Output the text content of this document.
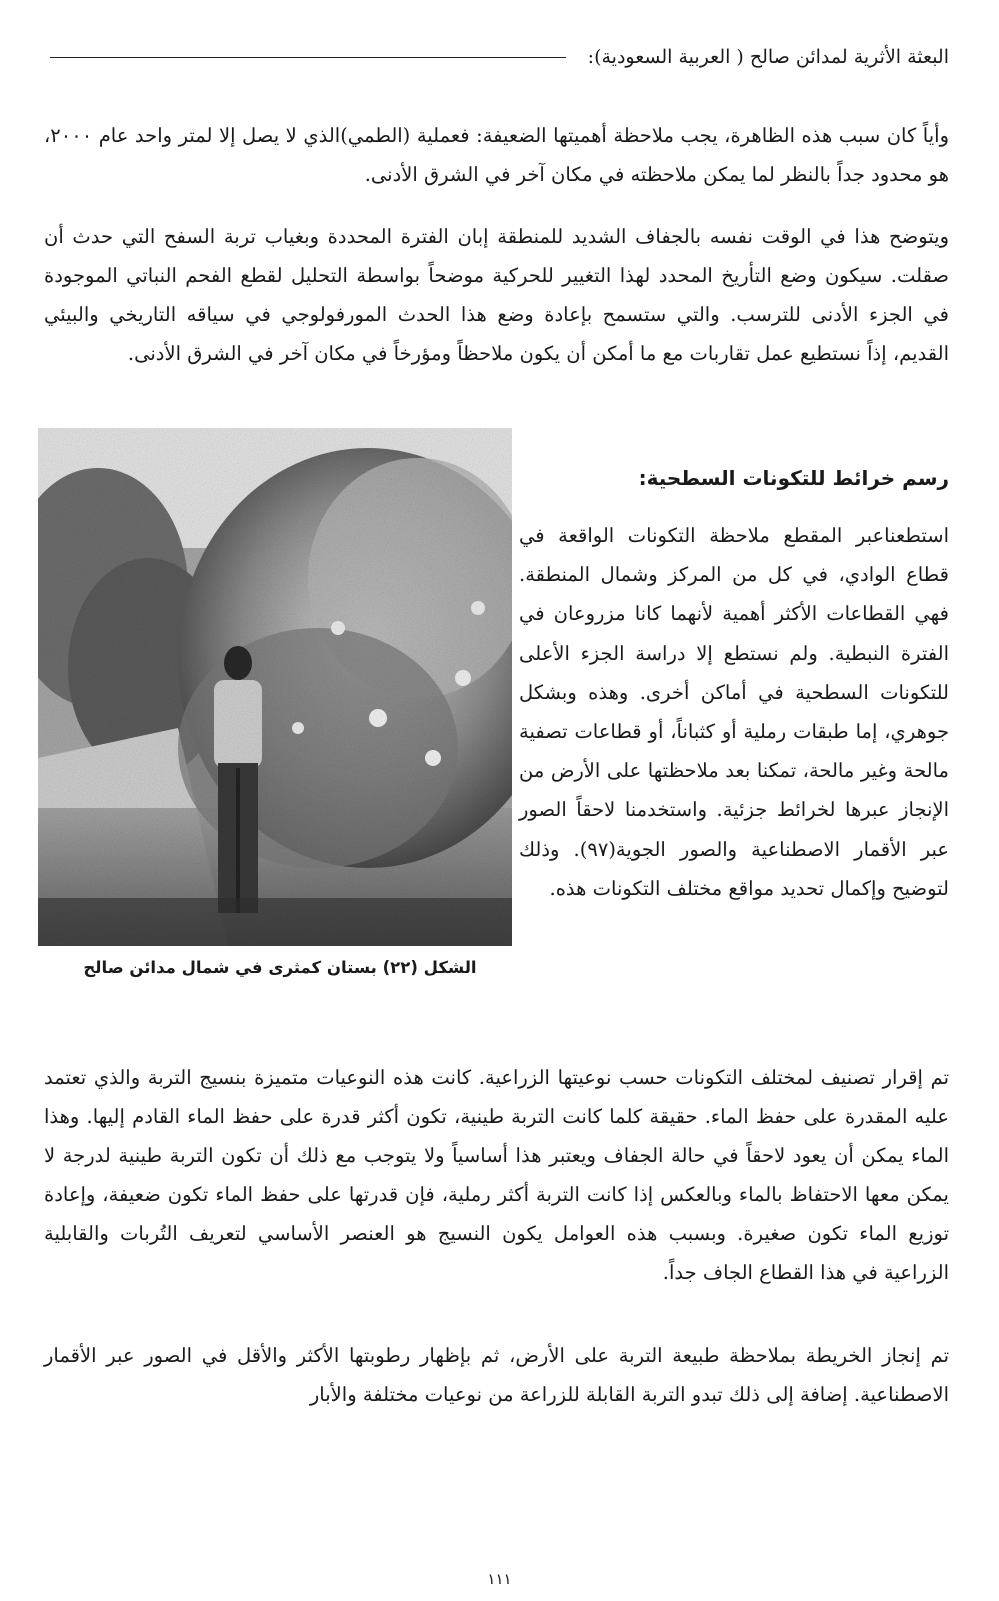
البعثة الأثرية لمدائن صالح ( العربية السعودية):

وأياً كان سبب هذه الظاهرة، يجب ملاحظة أهميتها الضعيفة: فعملية (الطمي)الذي لا يصل إلا لمتر واحد عام ٢٠٠٠، هو محدود جداً بالنظر لما يمكن ملاحظته في مكان آخر في الشرق الأدنى.

ويتوضح هذا في الوقت نفسه بالجفاف الشديد للمنطقة إبان الفترة المحددة وبغياب تربة السفح التي حدث أن صقلت. سيكون وضع التأريخ المحدد لهذا التغيير للحركية موضحاً بواسطة التحليل لقطع الفحم النباتي الموجودة في الجزء الأدنى للترسب. والتي ستسمح بإعادة وضع هذا الحدث المورفولوجي في سياقه التاريخي والبيئي القديم، إذاً نستطيع عمل تقاربات مع ما أمكن أن يكون ملاحظاً ومؤرخاً في مكان آخر في الشرق الأدنى.

الشكل (٢٢) بستان كمثرى في شمال مدائن صالح
رسم خرائط للتكونات السطحية:

استطعناعبر المقطع ملاحظة التكونات الواقعة في قطاع الوادي، في كل من المركز وشمال المنطقة. فهي القطاعات الأكثر أهمية لأنهما كانا مزروعان في الفترة النبطية. ولم نستطع إلا دراسة الجزء الأعلى للتكونات السطحية في أماكن أخرى. وهذه وبشكل جوهري، إما طبقات رملية أو كثباناً، أو قطاعات تصفية مالحة وغير مالحة، تمكنا بعد ملاحظتها على الأرض من الإنجاز عبرها لخرائط جزئية. واستخدمنا لاحقاً الصور عبر الأقمار الاصطناعية والصور الجوية(٩٧). وذلك لتوضيح وإكمال تحديد مواقع مختلف التكونات هذه.

تم إقرار تصنيف لمختلف التكونات حسب نوعيتها الزراعية. كانت هذه النوعيات متميزة بنسيج التربة والذي تعتمد عليه المقدرة على حفظ الماء. حقيقة كلما كانت التربة طينية، تكون أكثر قدرة على حفظ الماء القادم إليها. وهذا الماء يمكن أن يعود لاحقاً في حالة الجفاف ويعتبر هذا أساسياً ولا يتوجب مع ذلك أن تكون التربة طينية لدرجة لا يمكن معها الاحتفاظ بالماء وبالعكس إذا كانت التربة أكثر رملية، فإن قدرتها على حفظ الماء تكون ضعيفة، وإعادة توزيع الماء تكون صغيرة. وبسبب هذه العوامل يكون النسيج هو العنصر الأساسي لتعريف التُربات والقابلية الزراعية في هذا القطاع الجاف جداً.

تم إنجاز الخريطة بملاحظة طبيعة التربة على الأرض، ثم بإظهار رطوبتها الأكثر والأقل في الصور عبر الأقمار الاصطناعية. إضافة إلى ذلك تبدو التربة القابلة للزراعة من نوعيات مختلفة والأبار

١١١
